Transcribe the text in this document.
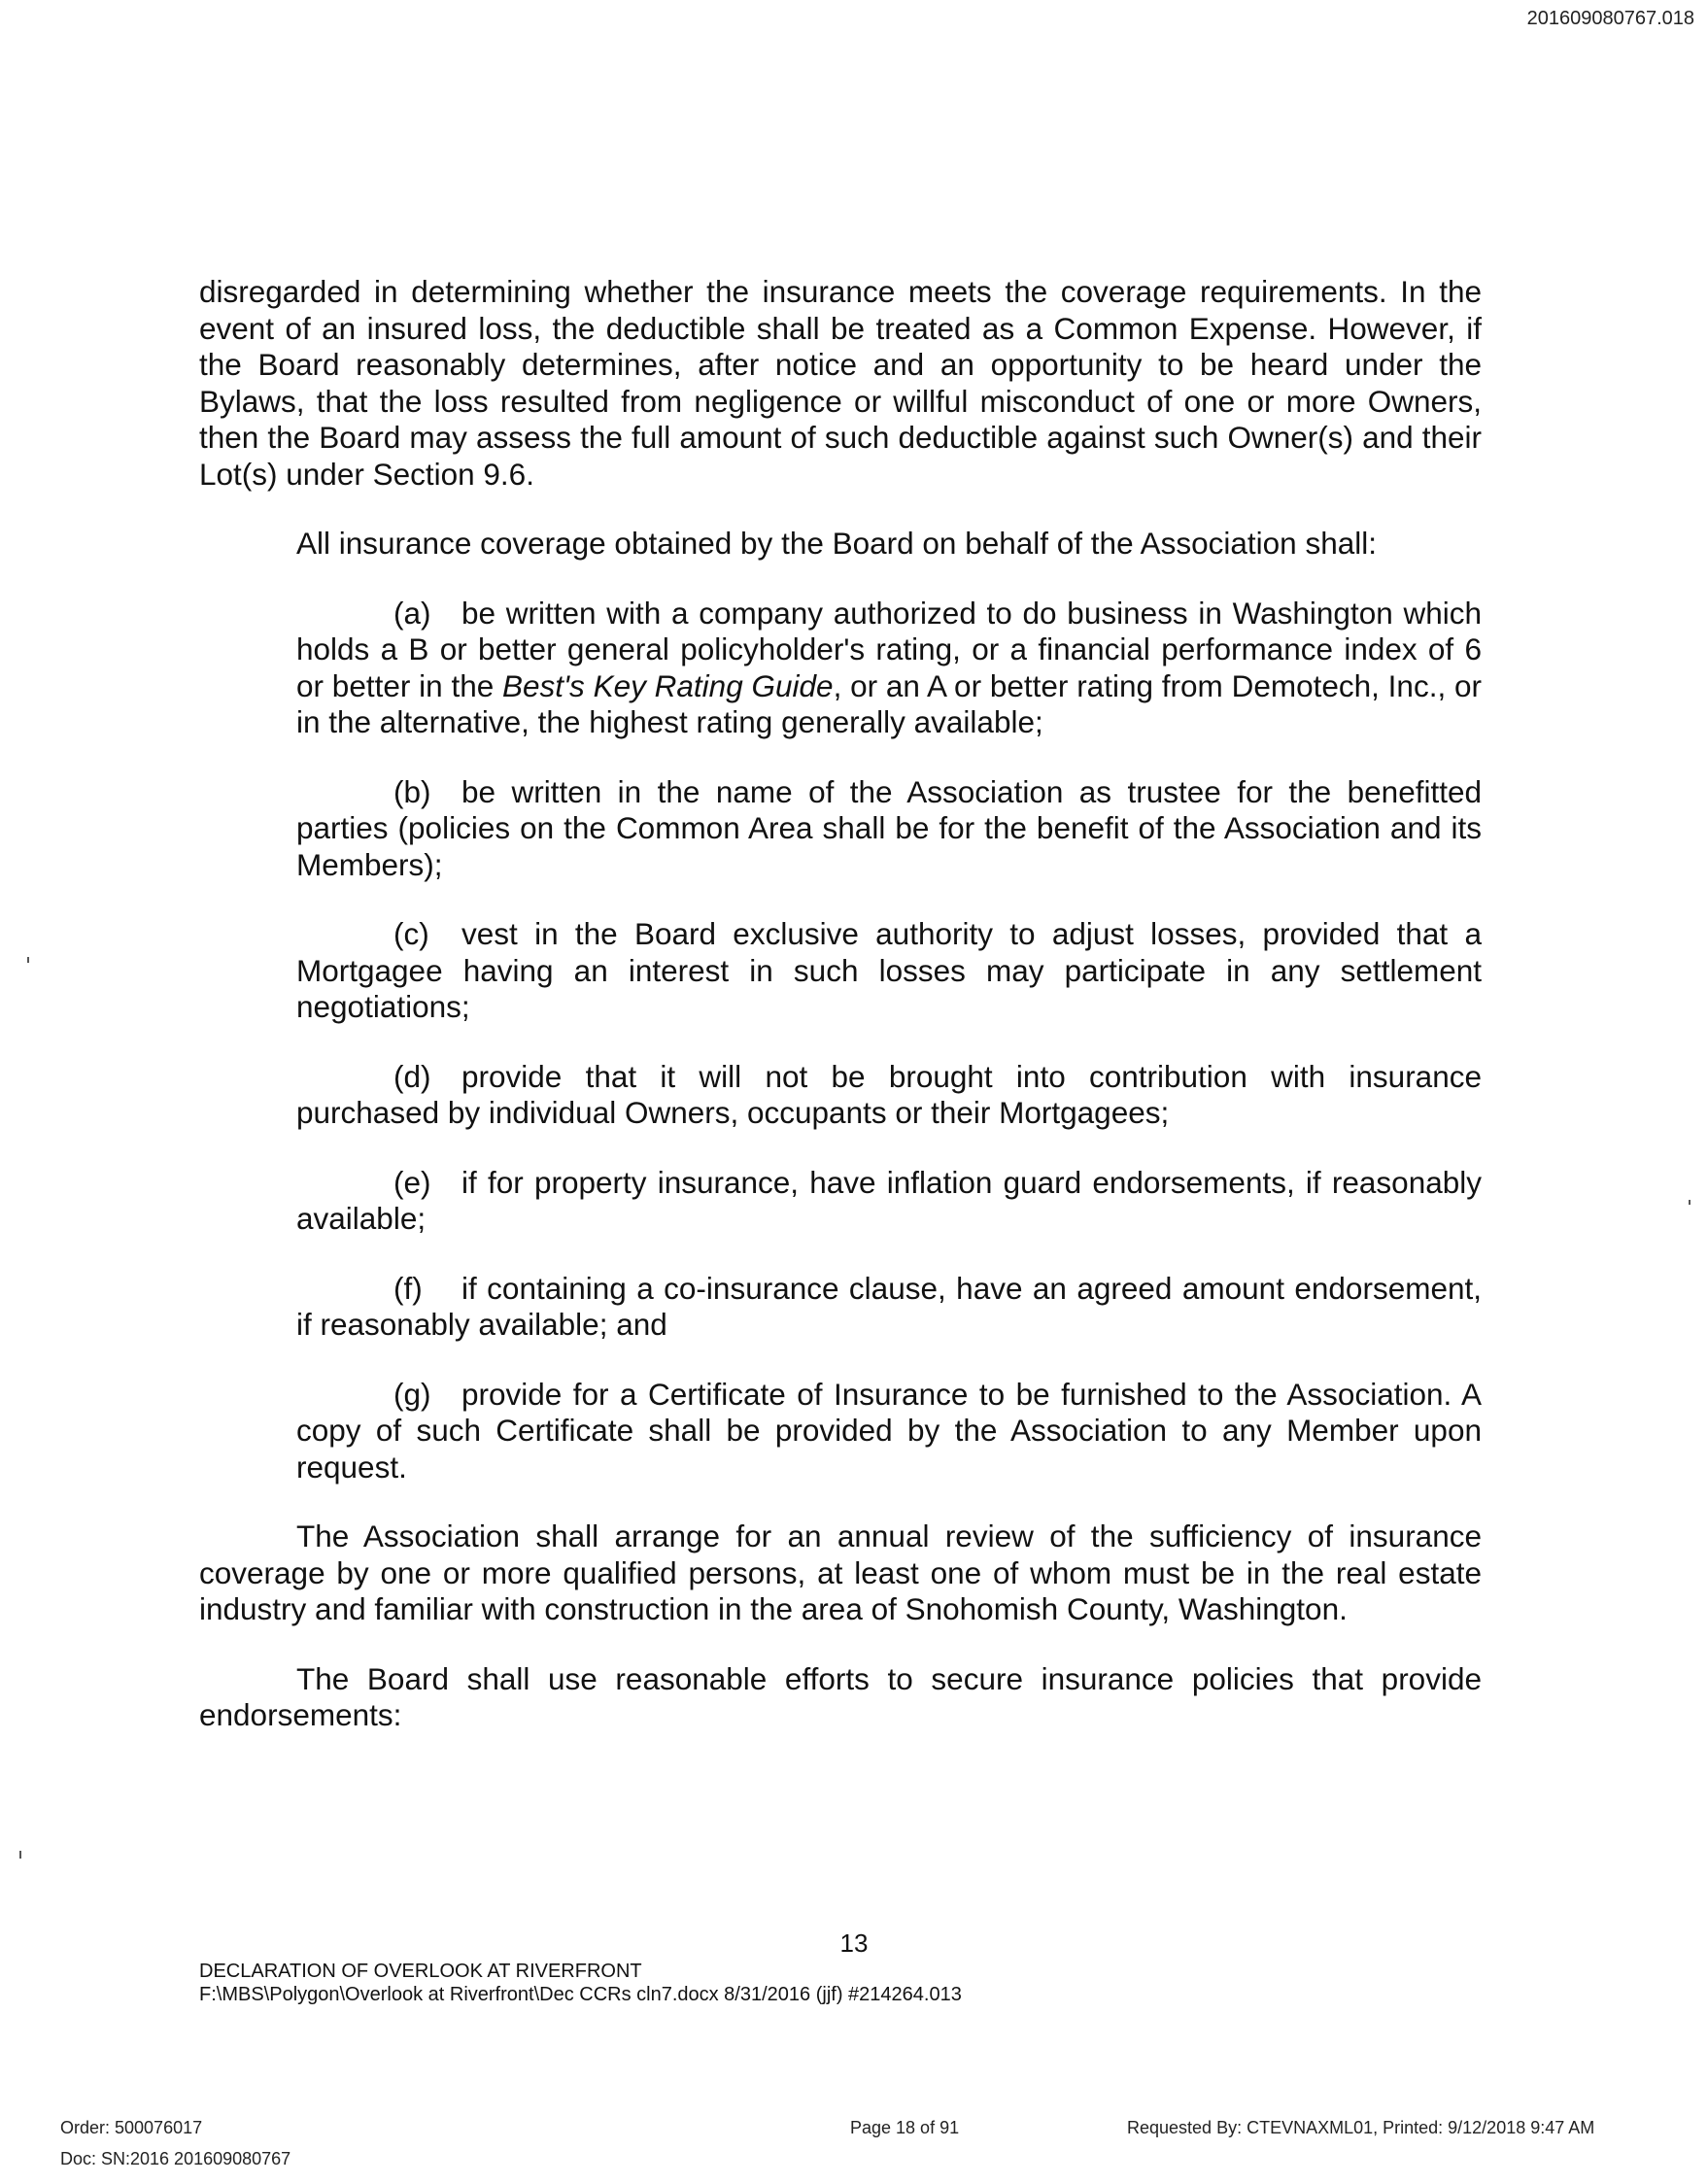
201609080767.018

disregarded in determining whether the insurance meets the coverage requirements. In the event of an insured loss, the deductible shall be treated as a Common Expense. However, if the Board reasonably determines, after notice and an opportunity to be heard under the Bylaws, that the loss resulted from negligence or willful misconduct of one or more Owners, then the Board may assess the full amount of such deductible against such Owner(s) and their Lot(s) under Section 9.6.

All insurance coverage obtained by the Board on behalf of the Association shall:

(a) be written with a company authorized to do business in Washington which holds a B or better general policyholder's rating, or a financial performance index of 6 or better in the Best's Key Rating Guide, or an A or better rating from Demotech, Inc., or in the alternative, the highest rating generally available;

(b) be written in the name of the Association as trustee for the benefitted parties (policies on the Common Area shall be for the benefit of the Association and its Members);

(c) vest in the Board exclusive authority to adjust losses, provided that a Mortgagee having an interest in such losses may participate in any settlement negotiations;

(d) provide that it will not be brought into contribution with insurance purchased by individual Owners, occupants or their Mortgagees;

(e) if for property insurance, have inflation guard endorsements, if reasonably available;

(f) if containing a co-insurance clause, have an agreed amount endorsement, if reasonably available; and

(g) provide for a Certificate of Insurance to be furnished to the Association. A copy of such Certificate shall be provided by the Association to any Member upon request.

The Association shall arrange for an annual review of the sufficiency of insurance coverage by one or more qualified persons, at least one of whom must be in the real estate industry and familiar with construction in the area of Snohomish County, Washington.

The Board shall use reasonable efforts to secure insurance policies that provide endorsements:

13
DECLARATION OF OVERLOOK AT RIVERFRONT
F:\MBS\Polygon\Overlook at Riverfront\Dec CCRs cln7.docx 8/31/2016 (jjf) #214264.013
Order: 500076017
Doc: SN:2016 201609080767
Page 18 of 91	Requested By: CTEVNAXML01, Printed: 9/12/2018 9:47 AM
